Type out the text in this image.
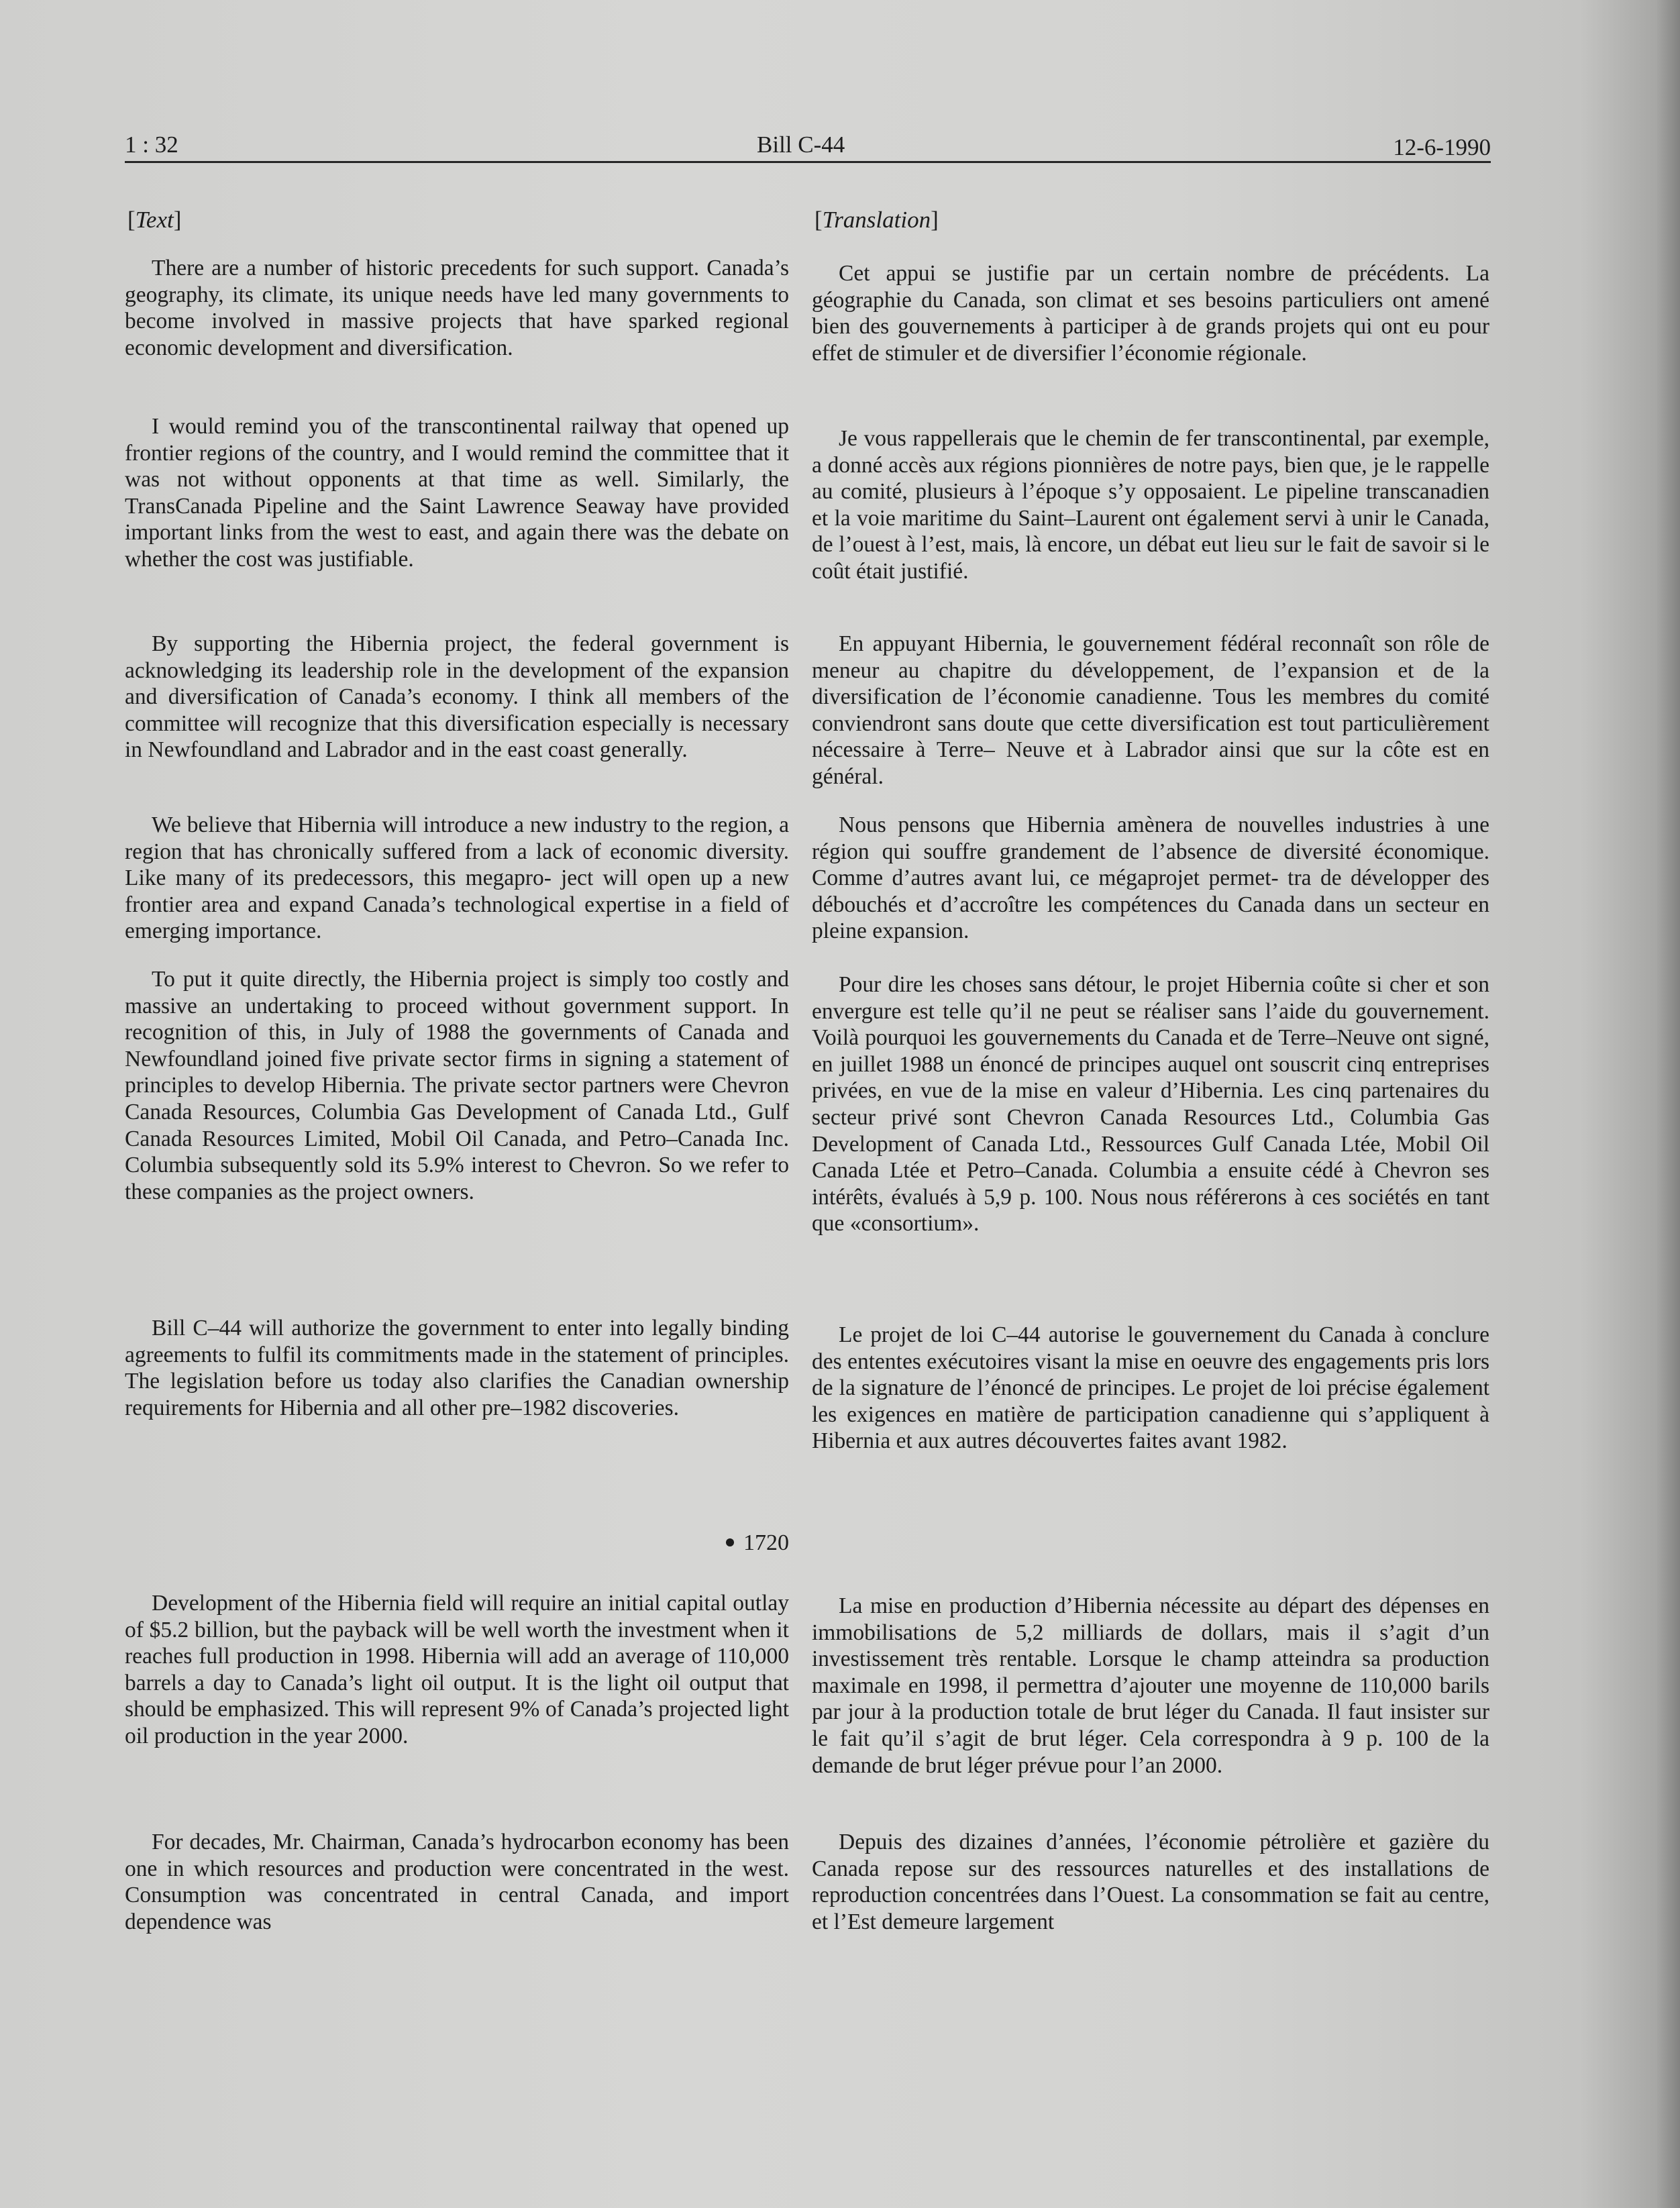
1 : 32	Bill C-44	12-6-1990
[Text]

There are a number of historic precedents for such support. Canada’s geography, its climate, its unique needs have led many governments to become involved in massive projects that have sparked regional economic development and diversification.

I would remind you of the transcontinental railway that opened up frontier regions of the country, and I would remind the committee that it was not without opponents at that time as well. Similarly, the TransCanada Pipeline and the Saint Lawrence Seaway have provided important links from the west to east, and again there was the debate on whether the cost was justifiable.

By supporting the Hibernia project, the federal government is acknowledging its leadership role in the development of the expansion and diversification of Canada’s economy. I think all members of the committee will recognize that this diversification especially is necessary in Newfoundland and Labrador and in the east coast generally.

We believe that Hibernia will introduce a new industry to the region, a region that has chronically suffered from a lack of economic diversity. Like many of its predecessors, this megapro- ject will open up a new frontier area and expand Canada’s technological expertise in a field of emerging importance.

To put it quite directly, the Hibernia project is simply too costly and massive an undertaking to proceed without government support. In recognition of this, in July of 1988 the governments of Canada and Newfoundland joined five private sector firms in signing a statement of principles to develop Hibernia. The private sector partners were Chevron Canada Resources, Columbia Gas Development of Canada Ltd., Gulf Canada Resources Limited, Mobil Oil Canada, and Petro–Canada Inc. Columbia subsequently sold its 5.9% interest to Chevron. So we refer to these companies as the project owners.

Bill C–44 will authorize the government to enter into legally binding agreements to fulfil its commitments made in the statement of principles. The legislation before us today also clarifies the Canadian ownership requirements for Hibernia and all other pre–1982 discoveries.

1720

Development of the Hibernia field will require an initial capital outlay of $5.2 billion, but the payback will be well worth the investment when it reaches full production in 1998. Hibernia will add an average of 110,000 barrels a day to Canada’s light oil output. It is the light oil output that should be emphasized. This will represent 9% of Canada’s projected light oil production in the year 2000.

For decades, Mr. Chairman, Canada’s hydrocarbon economy has been one in which resources and production were concentrated in the west. Consumption was concentrated in central Canada, and import dependence was

[Translation]

Cet appui se justifie par un certain nombre de précédents. La géographie du Canada, son climat et ses besoins particuliers ont amené bien des gouvernements à participer à de grands projets qui ont eu pour effet de stimuler et de diversifier l’économie régionale.

Je vous rappellerais que le chemin de fer transcontinental, par exemple, a donné accès aux régions pionnières de notre pays, bien que, je le rappelle au comité, plusieurs à l’époque s’y opposaient. Le pipeline transcanadien et la voie maritime du Saint–Laurent ont également servi à unir le Canada, de l’ouest à l’est, mais, là encore, un débat eut lieu sur le fait de savoir si le coût était justifié.

En appuyant Hibernia, le gouvernement fédéral reconnaît son rôle de meneur au chapitre du développement, de l’expansion et de la diversification de l’économie canadienne. Tous les membres du comité conviendront sans doute que cette diversification est tout particulièrement nécessaire à Terre– Neuve et à Labrador ainsi que sur la côte est en général.

Nous pensons que Hibernia amènera de nouvelles industries à une région qui souffre grandement de l’absence de diversité économique. Comme d’autres avant lui, ce mégaprojet permet- tra de développer des débouchés et d’accroître les compétences du Canada dans un secteur en pleine expansion.

Pour dire les choses sans détour, le projet Hibernia coûte si cher et son envergure est telle qu’il ne peut se réaliser sans l’aide du gouvernement. Voilà pourquoi les gouvernements du Canada et de Terre–Neuve ont signé, en juillet 1988 un énoncé de principes auquel ont souscrit cinq entreprises privées, en vue de la mise en valeur d’Hibernia. Les cinq partenaires du secteur privé sont Chevron Canada Resources Ltd., Columbia Gas Development of Canada Ltd., Ressources Gulf Canada Ltée, Mobil Oil Canada Ltée et Petro–Canada. Columbia a ensuite cédé à Chevron ses intérêts, évalués à 5,9 p. 100. Nous nous référerons à ces sociétés en tant que «consortium».

Le projet de loi C–44 autorise le gouvernement du Canada à conclure des ententes exécutoires visant la mise en oeuvre des engagements pris lors de la signature de l’énoncé de principes. Le projet de loi précise également les exigences en matière de participation canadienne qui s’appliquent à Hibernia et aux autres découvertes faites avant 1982.

La mise en production d’Hibernia nécessite au départ des dépenses en immobilisations de 5,2 milliards de dollars, mais il s’agit d’un investissement très rentable. Lorsque le champ atteindra sa production maximale en 1998, il permettra d’ajouter une moyenne de 110,000 barils par jour à la production totale de brut léger du Canada. Il faut insister sur le fait qu’il s’agit de brut léger. Cela correspondra à 9 p. 100 de la demande de brut léger prévue pour l’an 2000.

Depuis des dizaines d’années, l’économie pétrolière et gazière du Canada repose sur des ressources naturelles et des installations de reproduction concentrées dans l’Ouest. La consommation se fait au centre, et l’Est demeure largement
